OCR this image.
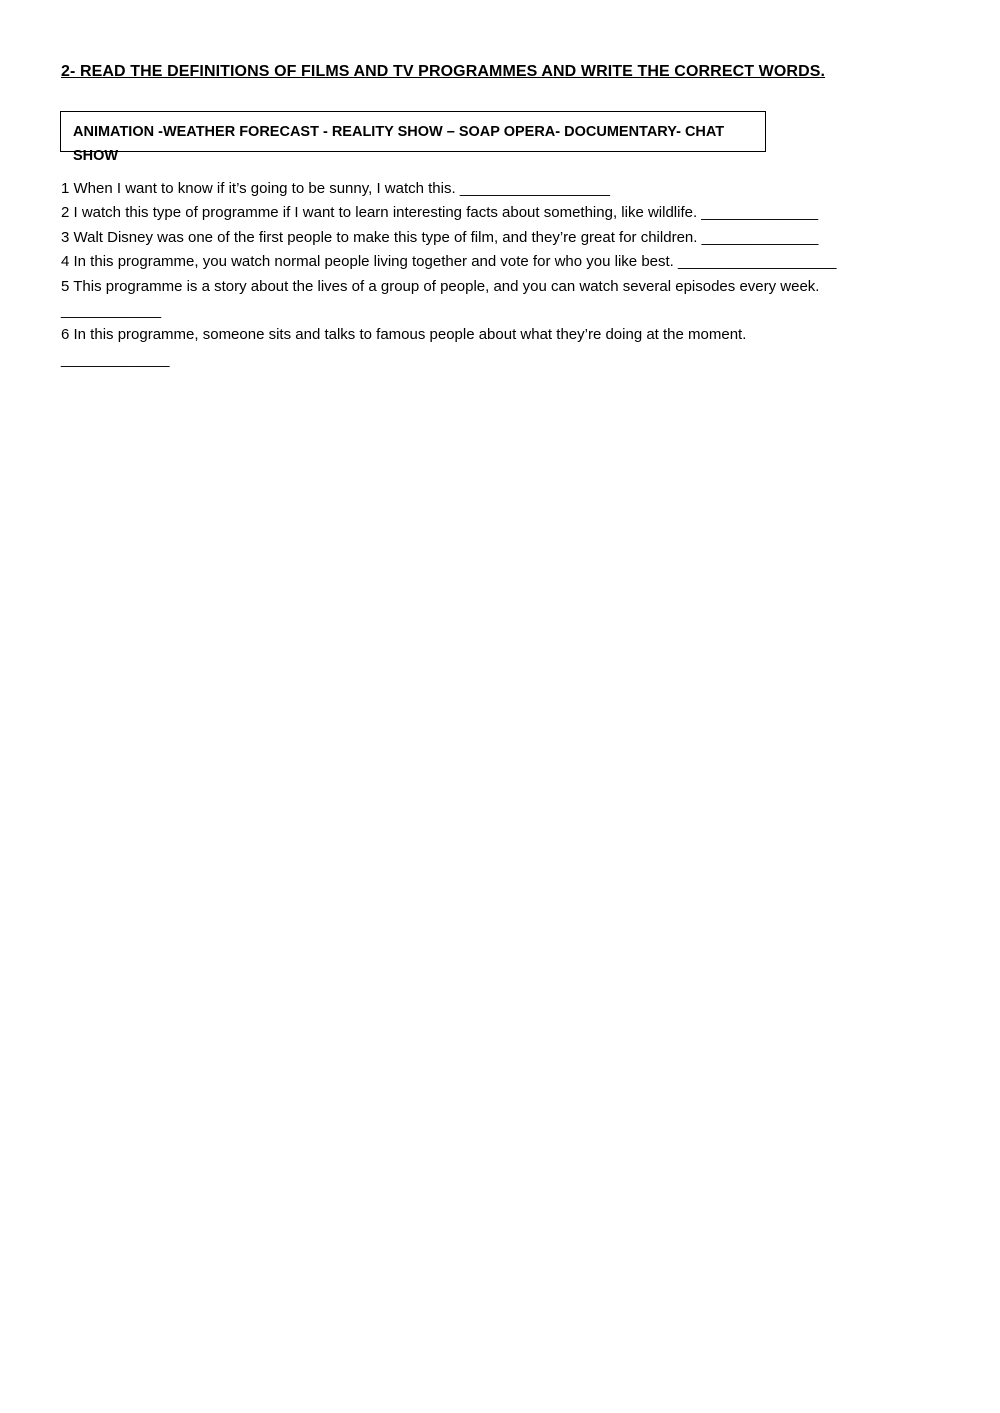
2- READ THE DEFINITIONS OF FILMS AND TV PROGRAMMES AND WRITE THE CORRECT WORDS.
ANIMATION -WEATHER FORECAST - REALITY SHOW – SOAP OPERA- DOCUMENTARY- CHAT SHOW
1 When I want to know if it’s going to be sunny, I watch this. __________________
2 I watch this type of programme if I want to learn interesting facts about something, like wildlife. ______________
3 Walt Disney was one of the first people to make this type of film, and they’re great for children. ______________
4 In this programme, you watch normal people living together and vote for who you like best. ___________________
5 This programme is a story about the lives of a group of people, and you can watch several episodes every week.
____________
6 In this programme, someone sits and talks to famous people about what they’re doing at the moment.
_____________
